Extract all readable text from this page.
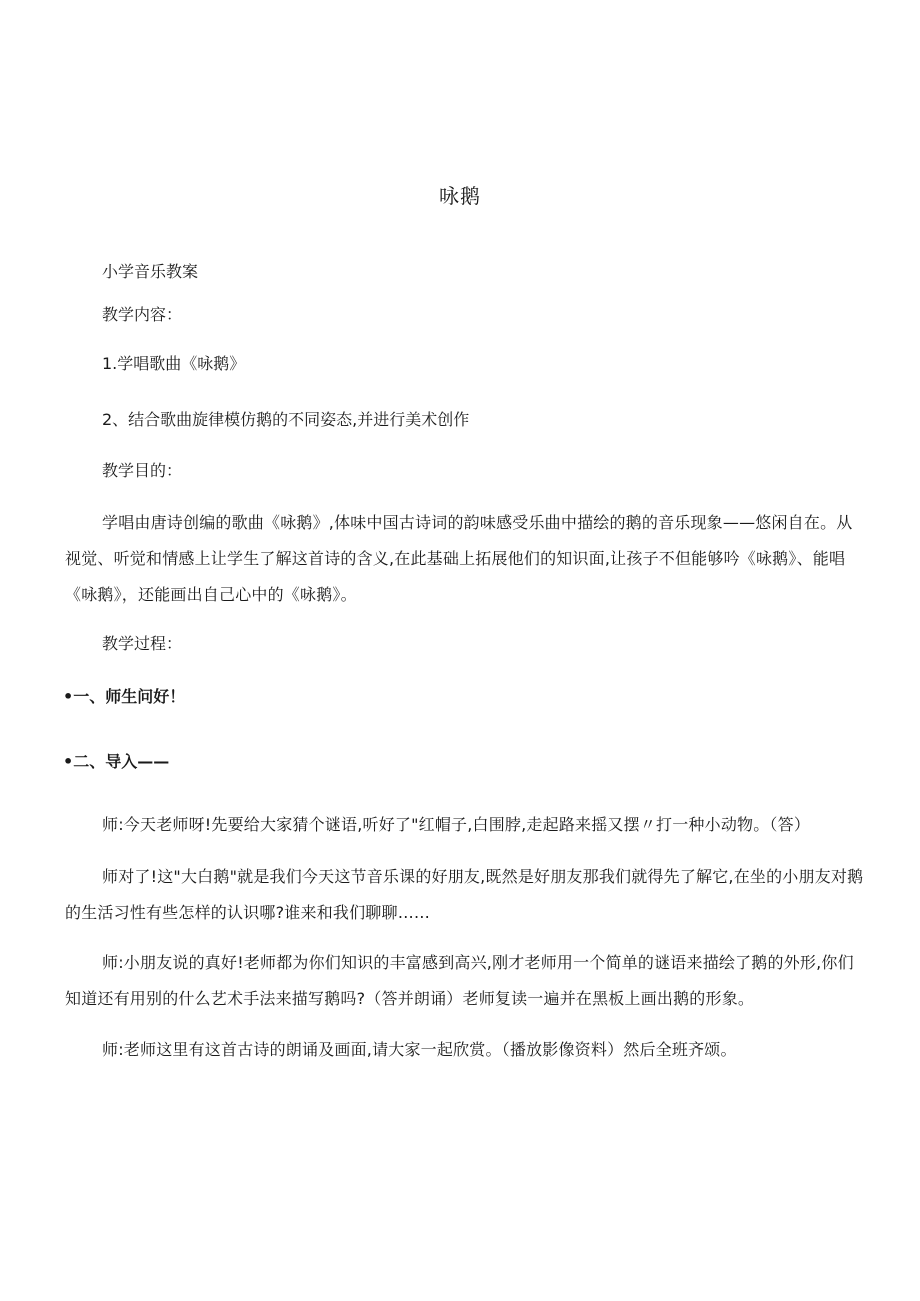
咏鹅
小学音乐教案
教学内容：
1.学唱歌曲《咏鹅》
2、结合歌曲旋律模仿鹅的不同姿态,并进行美术创作
教学目的：
学唱由唐诗创编的歌曲《咏鹅》,体味中国古诗词的韵味感受乐曲中描绘的鹅的音乐现象——悠闲自在。从视觉、听觉和情感上让学生了解这首诗的含义,在此基础上拓展他们的知识面,让孩子不但能够吟《咏鹅》、能唱《咏鹅》，还能画出自己心中的《咏鹅》。
教学过程：
•一、师生问好！
•二、导入——
师:今天老师呀!先要给大家猜个谜语,听好了"红帽子,白围脖,走起路来摇又摆〃打一种小动物。（答）
师对了!这"大白鹅"就是我们今天这节音乐课的好朋友,既然是好朋友那我们就得先了解它,在坐的小朋友对鹅的生活习性有些怎样的认识哪?谁来和我们聊聊……
师:小朋友说的真好!老师都为你们知识的丰富感到高兴,刚才老师用一个简单的谜语来描绘了鹅的外形,你们知道还有用别的什么艺术手法来描写鹅吗?（答并朗诵）老师复读一遍并在黑板上画出鹅的形象。
师:老师这里有这首古诗的朗诵及画面,请大家一起欣赏。（播放影像资料）然后全班齐颂。
